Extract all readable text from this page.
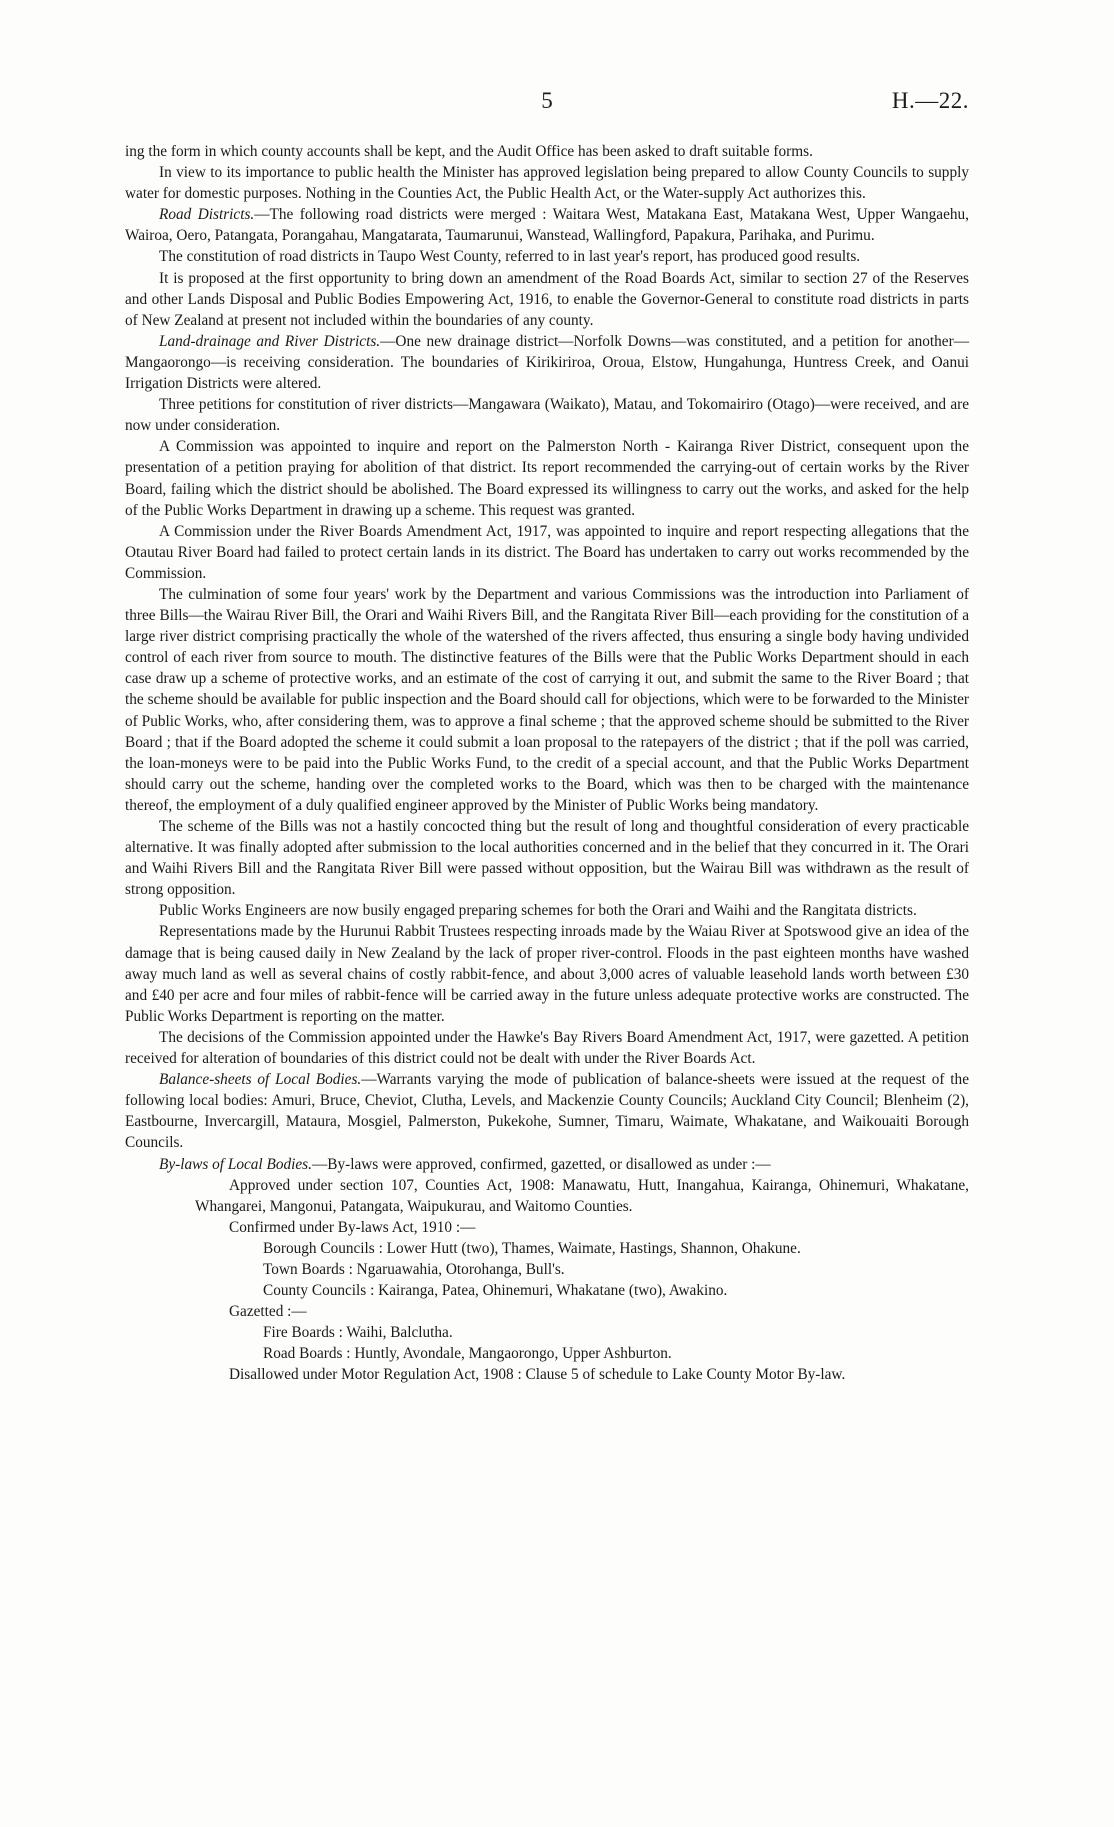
5	H.—22.

ing the form in which county accounts shall be kept, and the Audit Office has been asked to draft suitable forms.

In view to its importance to public health the Minister has approved legislation being prepared to allow County Councils to supply water for domestic purposes. Nothing in the Counties Act, the Public Health Act, or the Water-supply Act authorizes this.

Road Districts.—The following road districts were merged : Waitara West, Matakana East, Matakana West, Upper Wangaehu, Wairoa, Oero, Patangata, Porangahau, Mangatarata, Taumarunui, Wanstead, Wallingford, Papakura, Parihaka, and Purimu.

The constitution of road districts in Taupo West County, referred to in last year's report, has produced good results.

It is proposed at the first opportunity to bring down an amendment of the Road Boards Act, similar to section 27 of the Reserves and other Lands Disposal and Public Bodies Empowering Act, 1916, to enable the Governor-General to constitute road districts in parts of New Zealand at present not included within the boundaries of any county.

Land-drainage and River Districts.—One new drainage district—Norfolk Downs—was constituted, and a petition for another—Mangaorongo—is receiving consideration. The boundaries of Kirikiriroa, Oroua, Elstow, Hungahunga, Huntress Creek, and Oanui Irrigation Districts were altered.

Three petitions for constitution of river districts—Mangawara (Waikato), Matau, and Tokomairiro (Otago)—were received, and are now under consideration.

A Commission was appointed to inquire and report on the Palmerston North - Kairanga River District, consequent upon the presentation of a petition praying for abolition of that district. Its report recommended the carrying-out of certain works by the River Board, failing which the district should be abolished. The Board expressed its willingness to carry out the works, and asked for the help of the Public Works Department in drawing up a scheme. This request was granted.

A Commission under the River Boards Amendment Act, 1917, was appointed to inquire and report respecting allegations that the Otautau River Board had failed to protect certain lands in its district. The Board has undertaken to carry out works recommended by the Commission.

The culmination of some four years' work by the Department and various Commissions was the introduction into Parliament of three Bills—the Wairau River Bill, the Orari and Waihi Rivers Bill, and the Rangitata River Bill—each providing for the constitution of a large river district comprising practically the whole of the watershed of the rivers affected, thus ensuring a single body having undivided control of each river from source to mouth. The distinctive features of the Bills were that the Public Works Department should in each case draw up a scheme of protective works, and an estimate of the cost of carrying it out, and submit the same to the River Board ; that the scheme should be available for public inspection and the Board should call for objections, which were to be forwarded to the Minister of Public Works, who, after considering them, was to approve a final scheme ; that the approved scheme should be submitted to the River Board ; that if the Board adopted the scheme it could submit a loan proposal to the ratepayers of the district ; that if the poll was carried, the loan-moneys were to be paid into the Public Works Fund, to the credit of a special account, and that the Public Works Department should carry out the scheme, handing over the completed works to the Board, which was then to be charged with the maintenance thereof, the employment of a duly qualified engineer approved by the Minister of Public Works being mandatory.

The scheme of the Bills was not a hastily concocted thing but the result of long and thoughtful consideration of every practicable alternative. It was finally adopted after submission to the local authorities concerned and in the belief that they concurred in it. The Orari and Waihi Rivers Bill and the Rangitata River Bill were passed without opposition, but the Wairau Bill was withdrawn as the result of strong opposition.

Public Works Engineers are now busily engaged preparing schemes for both the Orari and Waihi and the Rangitata districts.

Representations made by the Hurunui Rabbit Trustees respecting inroads made by the Waiau River at Spotswood give an idea of the damage that is being caused daily in New Zealand by the lack of proper river-control. Floods in the past eighteen months have washed away much land as well as several chains of costly rabbit-fence, and about 3,000 acres of valuable leasehold lands worth between £30 and £40 per acre and four miles of rabbit-fence will be carried away in the future unless adequate protective works are constructed. The Public Works Department is reporting on the matter.

The decisions of the Commission appointed under the Hawke's Bay Rivers Board Amendment Act, 1917, were gazetted. A petition received for alteration of boundaries of this district could not be dealt with under the River Boards Act.

Balance-sheets of Local Bodies.—Warrants varying the mode of publication of balance-sheets were issued at the request of the following local bodies: Amuri, Bruce, Cheviot, Clutha, Levels, and Mackenzie County Councils; Auckland City Council; Blenheim (2), Eastbourne, Invercargill, Mataura, Mosgiel, Palmerston, Pukekohe, Sumner, Timaru, Waimate, Whakatane, and Waikouaiti Borough Councils.

By-laws of Local Bodies.—By-laws were approved, confirmed, gazetted, or disallowed as under :—

Approved under section 107, Counties Act, 1908: Manawatu, Hutt, Inangahua, Kairanga, Ohinemuri, Whakatane, Whangarei, Mangonui, Patangata, Waipukurau, and Waitomo Counties.

Confirmed under By-laws Act, 1910 :—

Borough Councils : Lower Hutt (two), Thames, Waimate, Hastings, Shannon, Ohakune.

Town Boards : Ngaruawahia, Otorohanga, Bull's.

County Councils : Kairanga, Patea, Ohinemuri, Whakatane (two), Awakino.

Gazetted :—

Fire Boards : Waihi, Balclutha.

Road Boards : Huntly, Avondale, Mangaorongo, Upper Ashburton.

Disallowed under Motor Regulation Act, 1908 : Clause 5 of schedule to Lake County Motor By-law.
